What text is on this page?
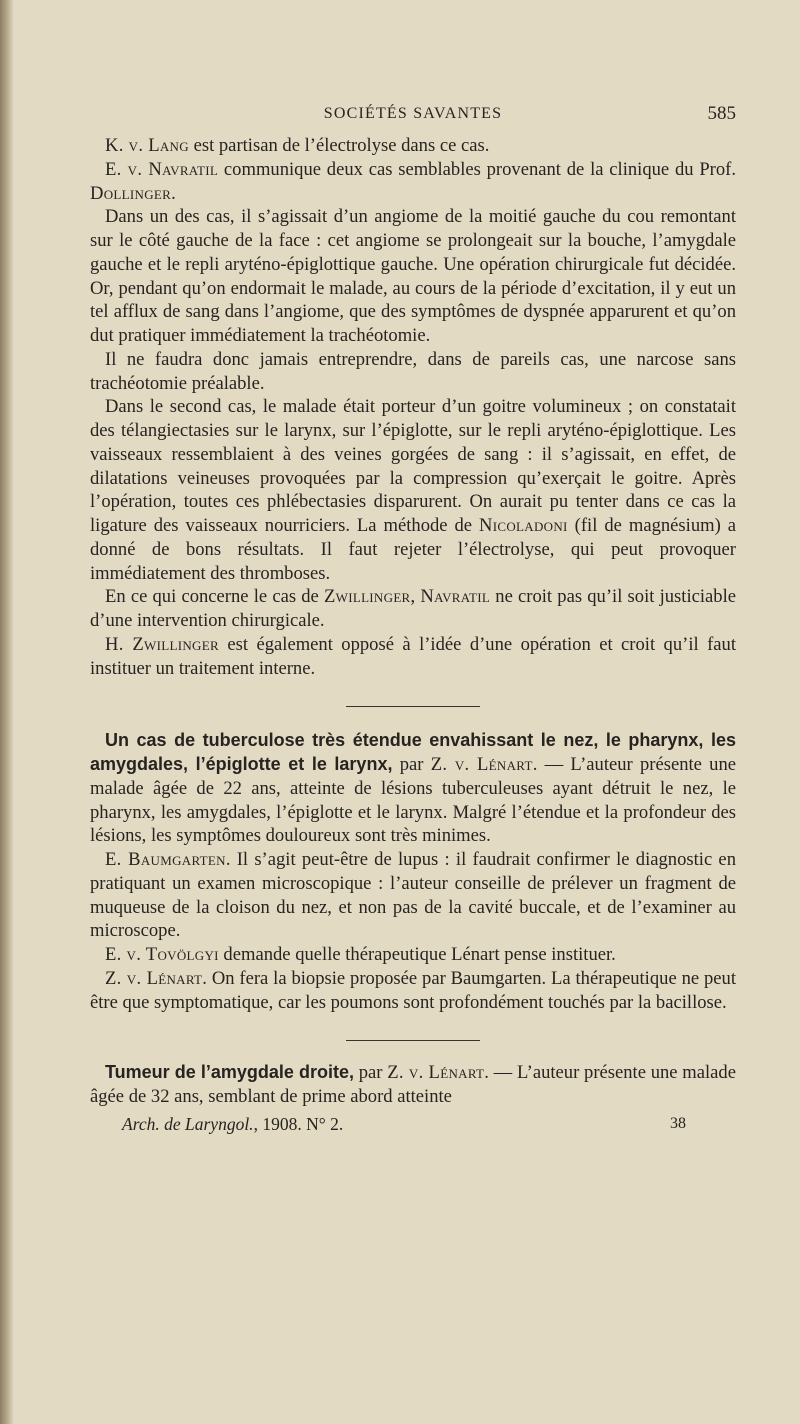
SOCIÉTÉS SAVANTES	585

K. v. Lang est partisan de l’électrolyse dans ce cas.

E. v. Navratil communique deux cas semblables provenant de la clinique du Prof. Dollinger.

Dans un des cas, il s’agissait d’un angiome de la moitié gauche du cou remontant sur le côté gauche de la face : cet angiome se prolongeait sur la bouche, l’amygdale gauche et le repli aryténo-épiglottique gauche. Une opération chirurgicale fut décidée. Or, pendant qu’on endormait le malade, au cours de la période d’excitation, il y eut un tel afflux de sang dans l’angiome, que des symptômes de dyspnée apparurent et qu’on dut pratiquer immédiatement la trachéotomie.

Il ne faudra donc jamais entreprendre, dans de pareils cas, une narcose sans trachéotomie préalable.

Dans le second cas, le malade était porteur d’un goitre volumineux ; on constatait des télangiectasies sur le larynx, sur l’épiglotte, sur le repli aryténo-épiglottique. Les vaisseaux ressemblaient à des veines gorgées de sang : il s’agissait, en effet, de dilatations veineuses provoquées par la compression qu’exerçait le goitre. Après l’opération, toutes ces phlébectasies disparurent. On aurait pu tenter dans ce cas la ligature des vaisseaux nourriciers. La méthode de Nicoladoni (fil de magnésium) a donné de bons résultats. Il faut rejeter l’électrolyse, qui peut provoquer immédiatement des thromboses.

En ce qui concerne le cas de Zwillinger, Navratil ne croit pas qu’il soit justiciable d’une intervention chirurgicale.

H. Zwillinger est également opposé à l’idée d’une opération et croit qu’il faut instituer un traitement interne.

Un cas de tuberculose très étendue envahissant le nez, le pharynx, les amygdales, l’épiglotte et le larynx, par Z. v. Lénart. — L’auteur présente une malade âgée de 22 ans, atteinte de lésions tuberculeuses ayant détruit le nez, le pharynx, les amygdales, l’épiglotte et le larynx. Malgré l’étendue et la profondeur des lésions, les symptômes douloureux sont très minimes.

E. Baumgarten. Il s’agit peut-être de lupus : il faudrait confirmer le diagnostic en pratiquant un examen microscopique : l’auteur conseille de prélever un fragment de muqueuse de la cloison du nez, et non pas de la cavité buccale, et de l’examiner au microscope.

E. v. Tovölgyi demande quelle thérapeutique Lénart pense instituer.

Z. v. Lénart. On fera la biopsie proposée par Baumgarten. La thérapeutique ne peut être que symptomatique, car les poumons sont profondément touchés par la bacillose.

Tumeur de l’amygdale droite, par Z. v. Lénart. — L’auteur présente une malade âgée de 32 ans, semblant de prime abord atteinte

Arch. de Laryngol., 1908. N° 2.	38
